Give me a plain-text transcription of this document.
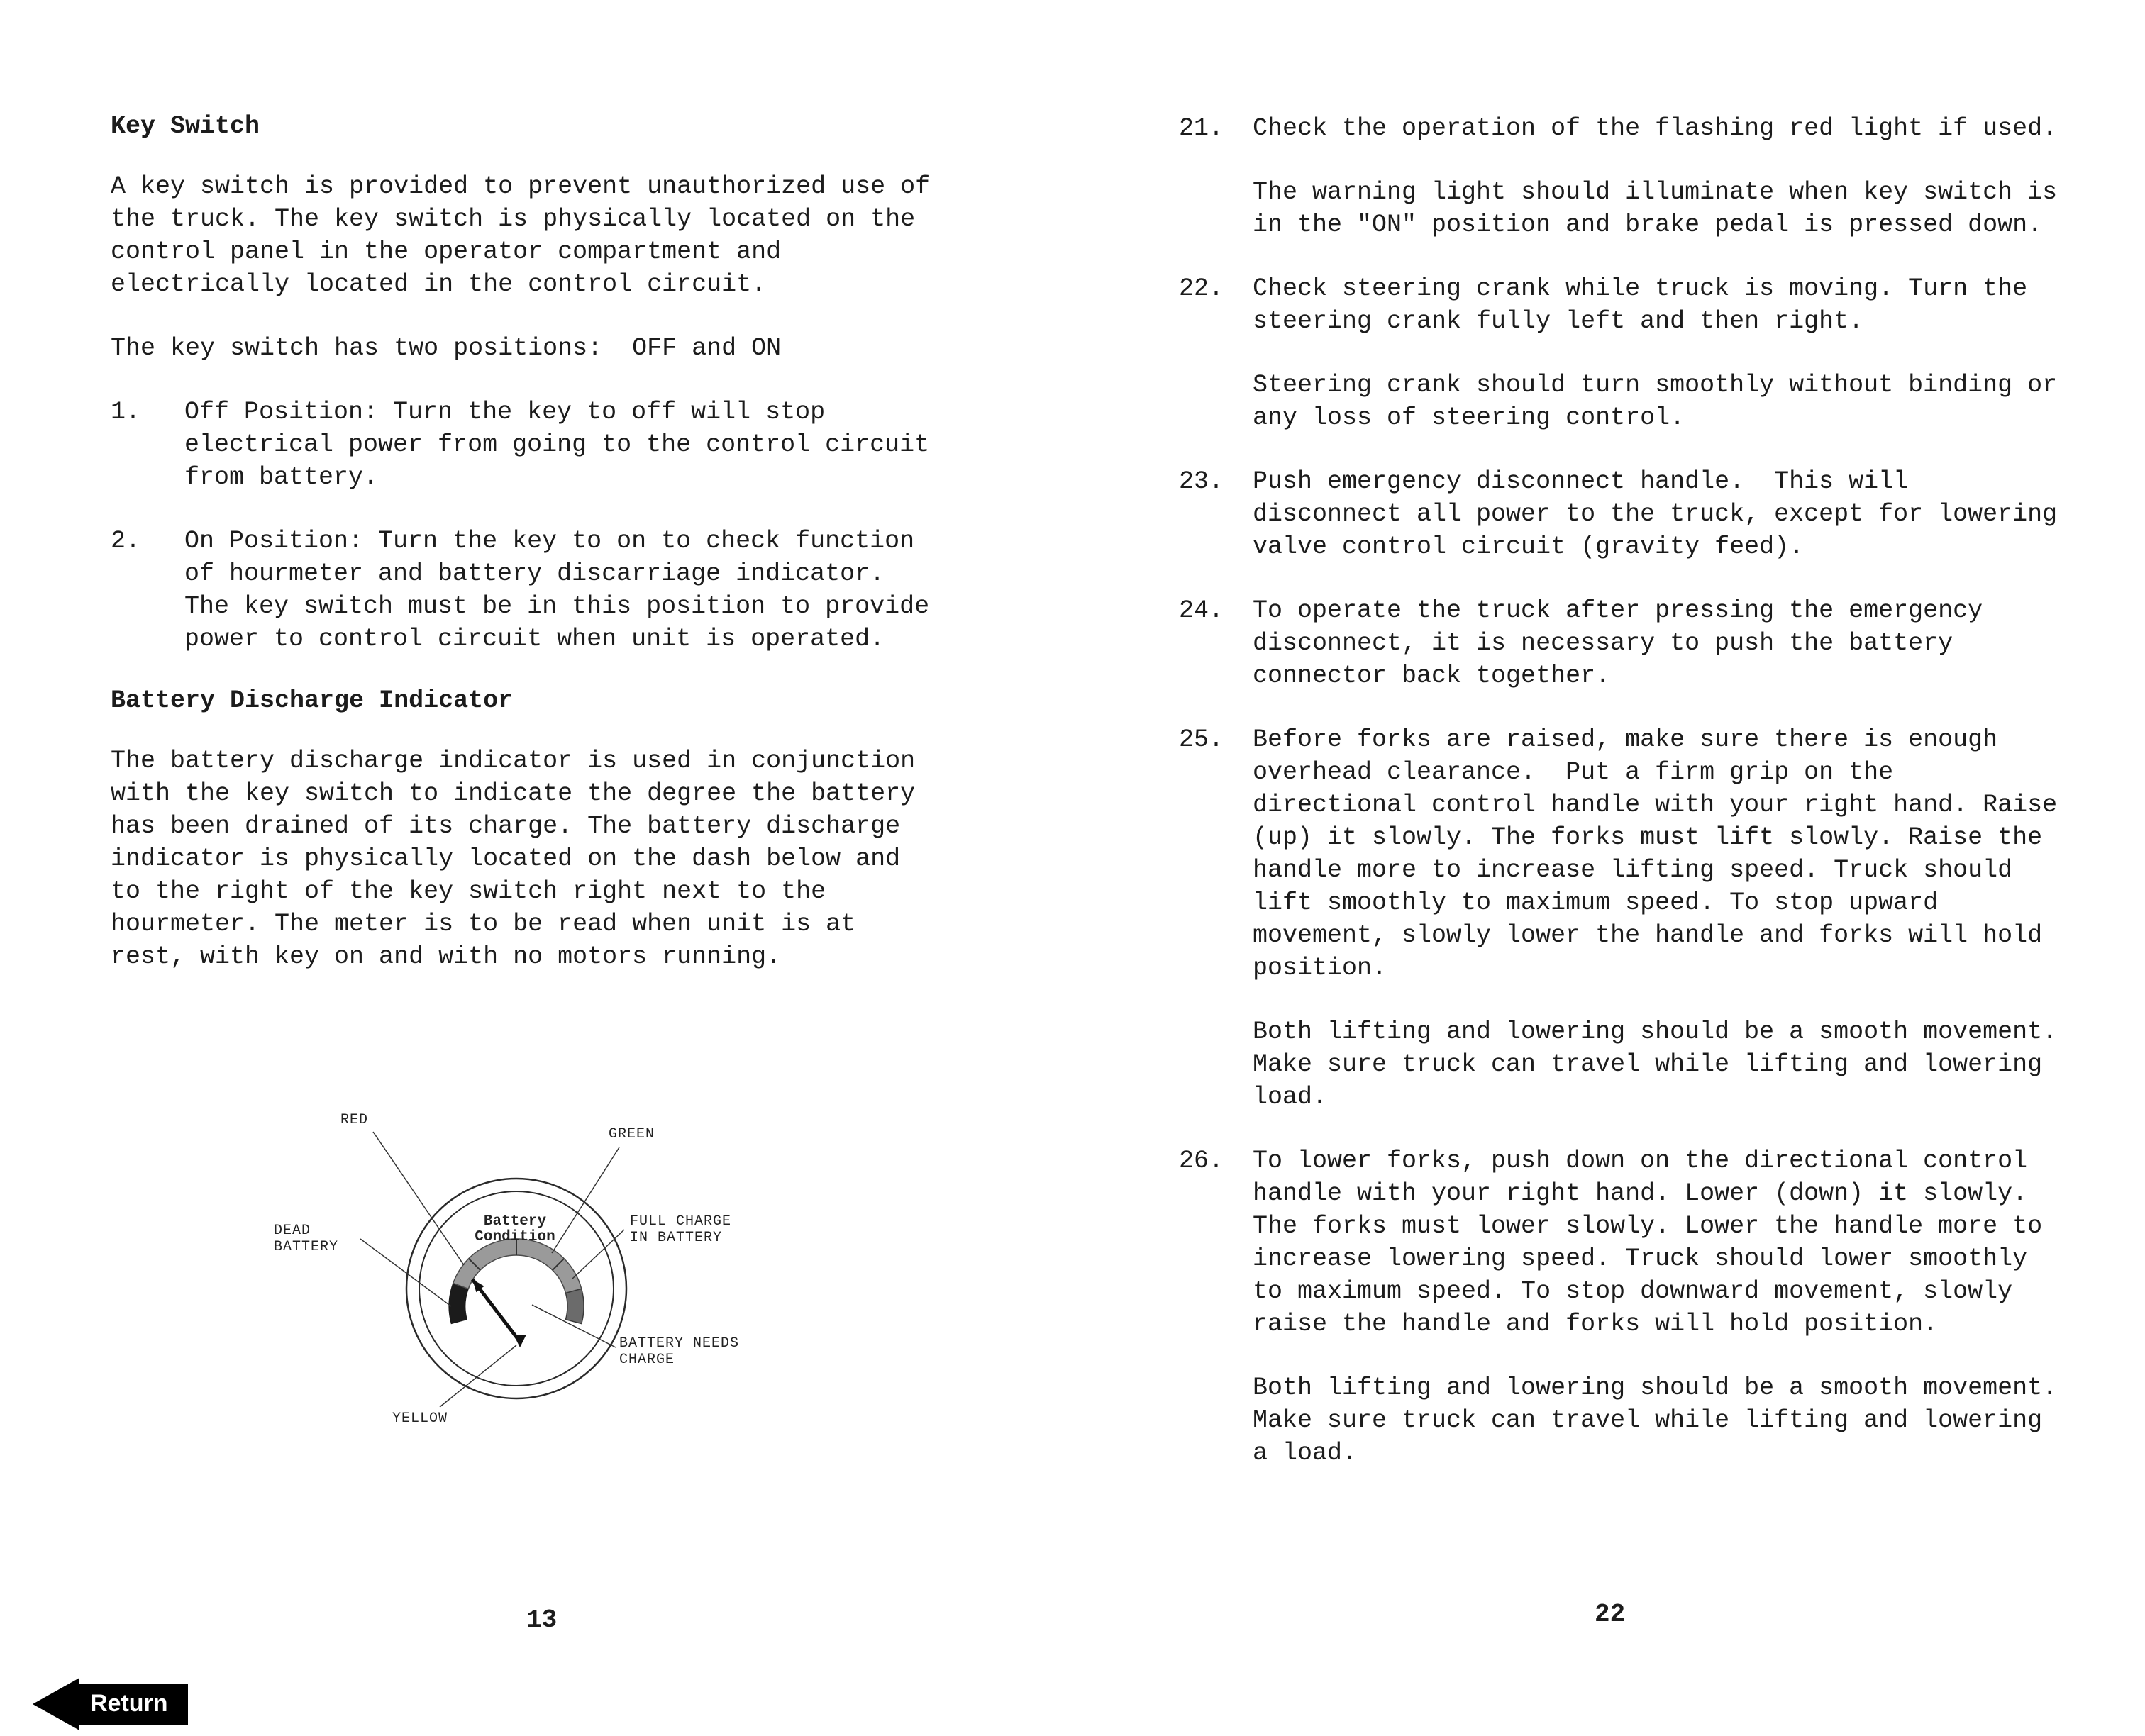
Key Switch
A key switch is provided to prevent unauthorized use of the truck. The key switch is physically located on the control panel in the operator compartment and electrically located in the control circuit.
The key switch has two positions:  OFF and ON
1.	Off Position: Turn the key to off will stop electrical power from going to the control circuit from battery.

2.	On Position: Turn the key to on to check function of hourmeter and battery discarriage indicator. The key switch must be in this position to provide power to control circuit when unit is operated.

Battery Discharge Indicator
The battery discharge indicator is used in conjunction with the key switch to indicate the degree the battery has been drained of its charge. The battery discharge indicator is physically located on the dash below and to the right of the key switch right next to the hourmeter. The meter is to be read when unit is at rest, with key on and with no motors running.
Battery
Condition
RED
GREEN
DEAD
BATTERY
FULL CHARGE
IN BATTERY
BATTERY NEEDS
CHARGE
YELLOW
21.	Check the operation of the flashing red light if used.

The warning light should illuminate when key switch is in the "ON" position and brake pedal is pressed down.

22.	Check steering crank while truck is moving. Turn the steering crank fully left and then right.

Steering crank should turn smoothly without binding or any loss of steering control.

23.	Push emergency disconnect handle.  This will disconnect all power to the truck, except for lowering valve control circuit (gravity feed).

24.	To operate the truck after pressing the emergency disconnect, it is necessary to push the battery connector back together.

25.	Before forks are raised, make sure there is enough overhead clearance.  Put a firm grip on the directional control handle with your right hand. Raise (up) it slowly. The forks must lift slowly. Raise the handle more to increase lifting speed. Truck should lift smoothly to maximum speed. To stop upward movement, slowly lower the handle and forks will hold position.

Both lifting and lowering should be a smooth movement. Make sure truck can travel while lifting and lowering load.

26.	To lower forks, push down on the directional control handle with your right hand. Lower (down) it slowly. The forks must lower slowly. Lower the handle more to increase lowering speed. Truck should lower smoothly to maximum speed. To stop downward movement, slowly raise the handle and forks will hold position.

Both lifting and lowering should be a smooth movement. Make sure truck can travel while lifting and lowering a load.

13	22
Return
